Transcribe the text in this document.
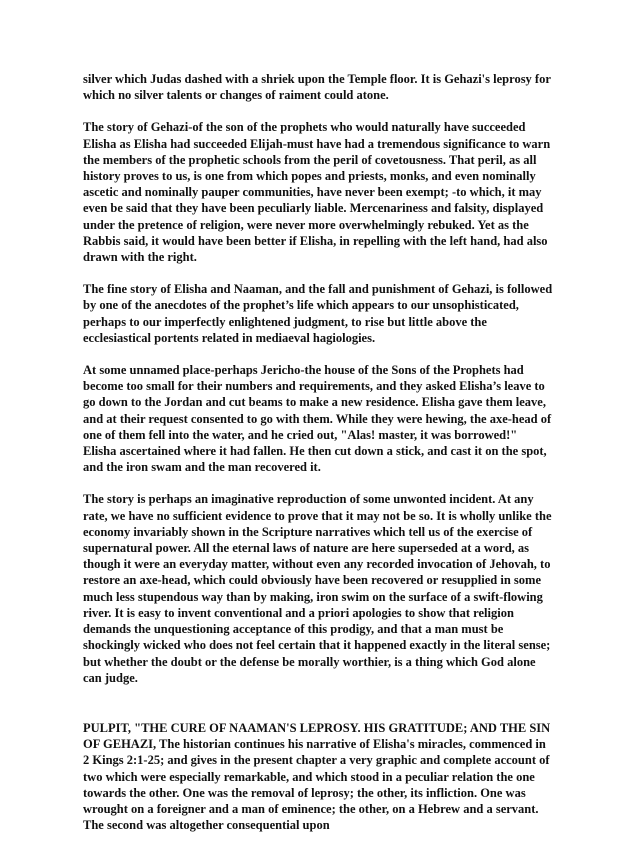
silver which Judas dashed with a shriek upon the Temple floor. It is Gehazi's leprosy for which no silver talents or changes of raiment could atone.

The story of Gehazi-of the son of the prophets who would naturally have succeeded Elisha as Elisha had succeeded Elijah-must have had a tremendous significance to warn the members of the prophetic schools from the peril of covetousness. That peril, as all history proves to us, is one from which popes and priests, monks, and even nominally ascetic and nominally pauper communities, have never been exempt; -to which, it may even be said that they have been peculiarly liable. Mercenariness and falsity, displayed under the pretence of religion, were never more overwhelmingly rebuked. Yet as the Rabbis said, it would have been better if Elisha, in repelling with the left hand, had also drawn with the right.

The fine story of Elisha and Naaman, and the fall and punishment of Gehazi, is followed by one of the anecdotes of the prophet’s life which appears to our unsophisticated, perhaps to our imperfectly enlightened judgment, to rise but little above the ecclesiastical portents related in mediaeval hagiologies.

At some unnamed place-perhaps Jericho-the house of the Sons of the Prophets had become too small for their numbers and requirements, and they asked Elisha’s leave to go down to the Jordan and cut beams to make a new residence. Elisha gave them leave, and at their request consented to go with them. While they were hewing, the axe-head of one of them fell into the water, and he cried out, "Alas! master, it was borrowed!" Elisha ascertained where it had fallen. He then cut down a stick, and cast it on the spot, and the iron swam and the man recovered it.

The story is perhaps an imaginative reproduction of some unwonted incident. At any rate, we have no sufficient evidence to prove that it may not be so. It is wholly unlike the economy invariably shown in the Scripture narratives which tell us of the exercise of supernatural power. All the eternal laws of nature are here superseded at a word, as though it were an everyday matter, without even any recorded invocation of Jehovah, to restore an axe-head, which could obviously have been recovered or resupplied in some much less stupendous way than by making, iron swim on the surface of a swift-flowing river. It is easy to invent conventional and a priori apologies to show that religion demands the unquestioning acceptance of this prodigy, and that a man must be shockingly wicked who does not feel certain that it happened exactly in the literal sense; but whether the doubt or the defense be morally worthier, is a thing which God alone can judge.

PULPIT, "THE CURE OF NAAMAN'S LEPROSY. HIS GRATITUDE; AND THE SIN OF GEHAZI, The historian continues his narrative of Elisha's miracles, commenced in 2 Kings 2:1-25; and gives in the present chapter a very graphic and complete account of two which were especially remarkable, and which stood in a peculiar relation the one towards the other. One was the removal of leprosy; the other, its infliction. One was wrought on a foreigner and a man of eminence; the other, on a Hebrew and a servant. The second was altogether consequential upon
